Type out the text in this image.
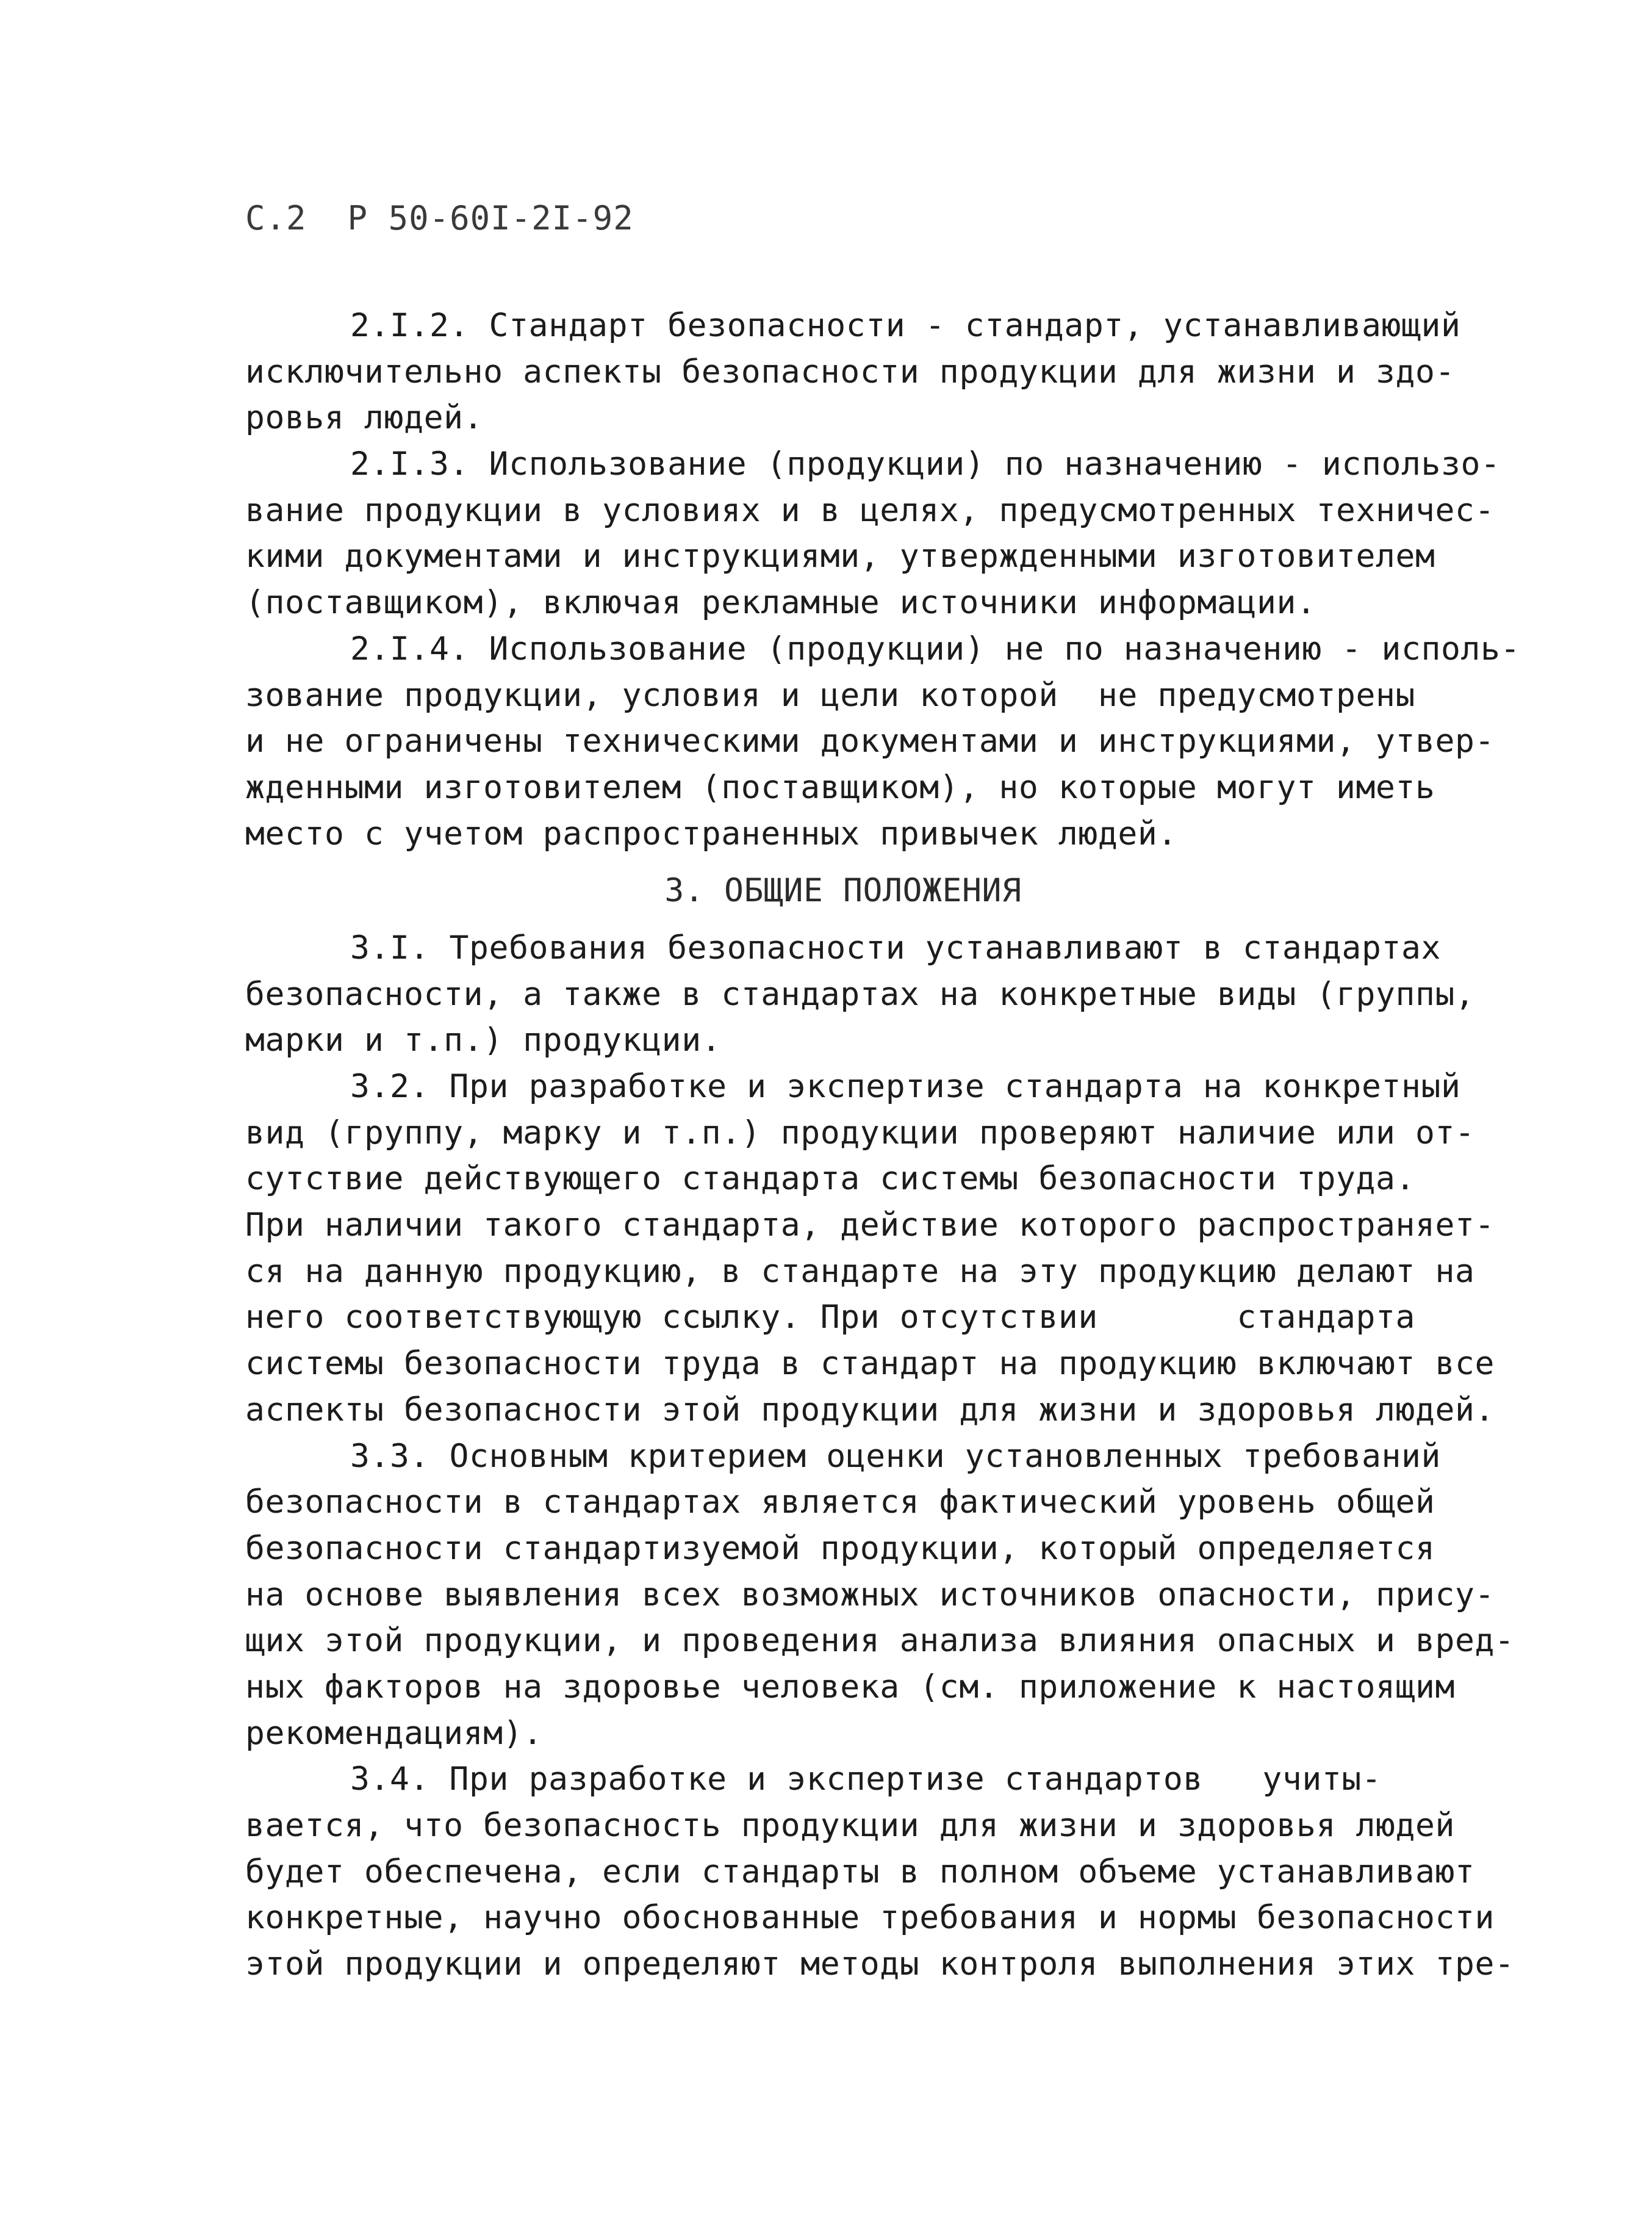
С.2  Р 50-60I-2I-92
2.I.2. Стандарт безопасности - стандарт, устанавливающий
исключительно аспекты безопасности продукции для жизни и здо-
ровья людей.
2.I.3. Использование (продукции) по назначению - использо-
вание продукции в условиях и в целях, предусмотренных техничес-
кими документами и инструкциями, утвержденными изготовителем
(поставщиком), включая рекламные источники информации.
2.I.4. Использование (продукции) не по назначению - исполь-
зование продукции, условия и цели которой  не предусмотрены
и не ограничены техническими документами и инструкциями, утвер-
жденными изготовителем (поставщиком), но которые могут иметь
место с учетом распространенных привычек людей.
3. ОБЩИЕ ПОЛОЖЕНИЯ
3.I. Требования безопасности устанавливают в стандартах
безопасности, а также в стандартах на конкретные виды (группы,
марки и т.п.) продукции.
3.2. При разработке и экспертизе стандарта на конкретный
вид (группу, марку и т.п.) продукции проверяют наличие или от-
сутствие действующего стандарта системы безопасности труда.
При наличии такого стандарта, действие которого распространяет-
ся на данную продукцию, в стандарте на эту продукцию делают на
него соответствующую ссылку. При отсутствии       стандарта
системы безопасности труда в стандарт на продукцию включают все
аспекты безопасности этой продукции для жизни и здоровья людей.
3.3. Основным критерием оценки установленных требований
безопасности в стандартах является фактический уровень общей
безопасности стандартизуемой продукции, который определяется
на основе выявления всех возможных источников опасности, прису-
щих этой продукции, и проведения анализа влияния опасных и вред-
ных факторов на здоровье человека (см. приложение к настоящим
рекомендациям).
3.4. При разработке и экспертизе стандартов   учиты-
вается, что безопасность продукции для жизни и здоровья людей
будет обеспечена, если стандарты в полном объеме устанавливают
конкретные, научно обоснованные требования и нормы безопасности
этой продукции и определяют методы контроля выполнения этих тре-
